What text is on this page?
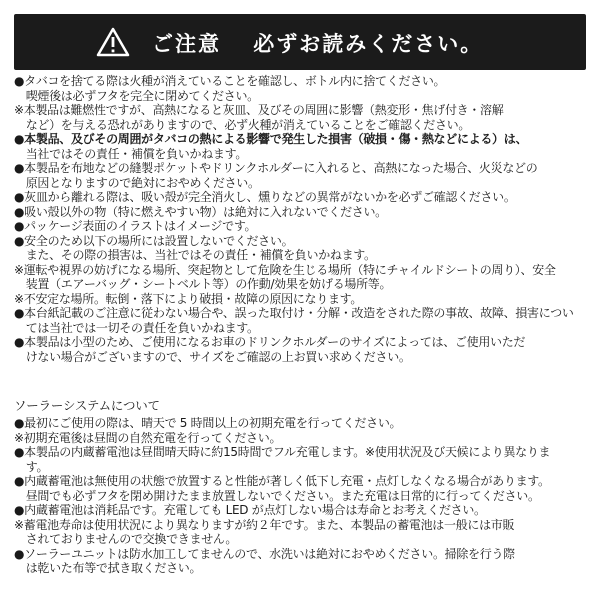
ご注意　 必ずお読みください。
●タバコを捨てる際は火種が消えていることを確認し、ボトル内に捨てください。
　喫煙後は必ずフタを完全に閉めてください。
※本製品は難燃性ですが、高熱になると灰皿、及びその周囲に影響（熱変形・焦げ付き・溶解
　など）を与える恐れがありますので、必ず火種が消えていることをご確認ください。
●本製品、及びその周囲がタバコの熱による影響で発生した損害（破損・傷・熱などによる）は、
　当社ではその責任・補償を負いかねます。
●本製品を布地などの縫製ポケットやドリンクホルダーに入れると、高熱になった場合、火災などの
　原因となりますので絶対におやめください。
●灰皿から離れる際は、吸い殻が完全消火し、燻りなどの異常がないかを必ずご確認ください。
●吸い殻以外の物（特に燃えやすい物）は絶対に入れないでください。
●パッケージ表面のイラストはイメージです。
●安全のため以下の場所には設置しないでください。
　また、その際の損害は、当社ではその責任・補償を負いかねます。
※運転や視界の妨げになる場所、突起物として危険を生じる場所（特にチャイルドシートの周り）、安全
　装置（エアーバッグ・シートベルト等）の作動/効果を妨げる場所等。
※不安定な場所。転倒・落下により破損・故障の原因になります。
●本台紙記載のご注意に従わない場合や、誤った取付け・分解・改造をされた際の事故、故障、損害につい
　ては当社では一切その責任を負いかねます。
●本製品は小型のため、ご使用になるお車のドリンクホルダーのサイズによっては、ご使用いただ
　けない場合がございますので、サイズをご確認の上お買い求めください。
ソーラーシステムについて
●最初にご使用の際は、晴天で 5 時間以上の初期充電を行ってください。
※初期充電後は昼間の自然充電を行ってください。
●本製品の内蔵蓄電池は昼間晴天時に約15時間でフル充電します。※使用状況及び天候により異なりま
　す。
●内蔵蓄電池は無使用の状態で放置すると性能が著しく低下し充電・点灯しなくなる場合があります。
　昼間でも必ずフタを閉め開けたまま放置しないでください。また充電は日常的に行ってください。
●内蔵蓄電池は消耗品です。充電しても LED が点灯しない場合は寿命とお考えください。
※蓄電池寿命は使用状況により異なりますが約２年です。また、本製品の蓄電池は一般には市販
　されておりませんので交換できません。
●ソーラーユニットは防水加工してませんので、水洗いは絶対におやめください。掃除を行う際
　は乾いた布等で拭き取ください。
